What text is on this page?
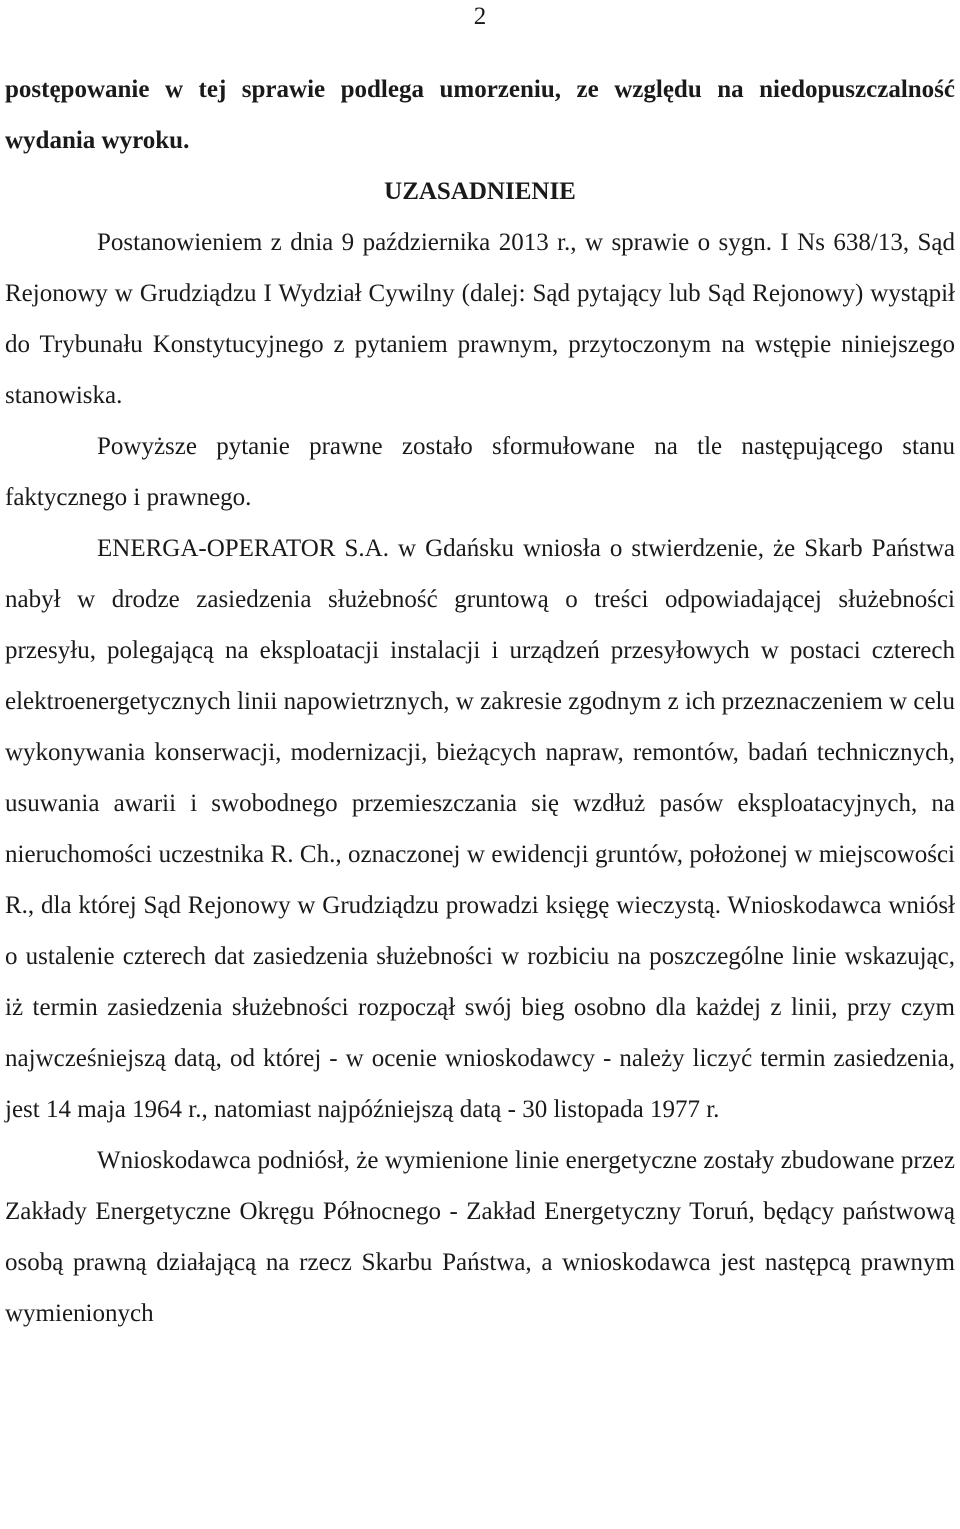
2

postępowanie w tej sprawie podlega umorzeniu, ze względu na niedopuszczalność wydania wyroku.

UZASADNIENIE

Postanowieniem z dnia 9 października 2013 r., w sprawie o sygn. I Ns 638/13, Sąd Rejonowy w Grudziądzu I Wydział Cywilny (dalej: Sąd pytający lub Sąd Rejonowy) wystąpił do Trybunału Konstytucyjnego z pytaniem prawnym, przytoczonym na wstępie niniejszego stanowiska.

Powyższe pytanie prawne zostało sformułowane na tle następującego stanu faktycznego i prawnego.

ENERGA-OPERATOR S.A. w Gdańsku wniosła o stwierdzenie, że Skarb Państwa nabył w drodze zasiedzenia służebność gruntową o treści odpowiadającej służebności przesyłu, polegającą na eksploatacji instalacji i urządzeń przesyłowych w postaci czterech elektroenergetycznych linii napowietrznych, w zakresie zgodnym z ich przeznaczeniem w celu wykonywania konserwacji, modernizacji, bieżących napraw, remontów, badań technicznych, usuwania awarii i swobodnego przemieszczania się wzdłuż pasów eksploatacyjnych, na nieruchomości uczestnika R. Ch., oznaczonej w ewidencji gruntów, położonej w miejscowości R., dla której Sąd Rejonowy w Grudziądzu prowadzi księgę wieczystą. Wnioskodawca wniósł o ustalenie czterech dat zasiedzenia służebności w rozbiciu na poszczególne linie wskazując, iż termin zasiedzenia służebności rozpoczął swój bieg osobno dla każdej z linii, przy czym najwcześniejszą datą, od której - w ocenie wnioskodawcy - należy liczyć termin zasiedzenia, jest 14 maja 1964 r., natomiast najpóźniejszą datą - 30 listopada 1977 r.

Wnioskodawca podniósł, że wymienione linie energetyczne zostały zbudowane przez Zakłady Energetyczne Okręgu Północnego - Zakład Energetyczny Toruń, będący państwową osobą prawną działającą na rzecz Skarbu Państwa, a wnioskodawca jest następcą prawnym wymienionych
